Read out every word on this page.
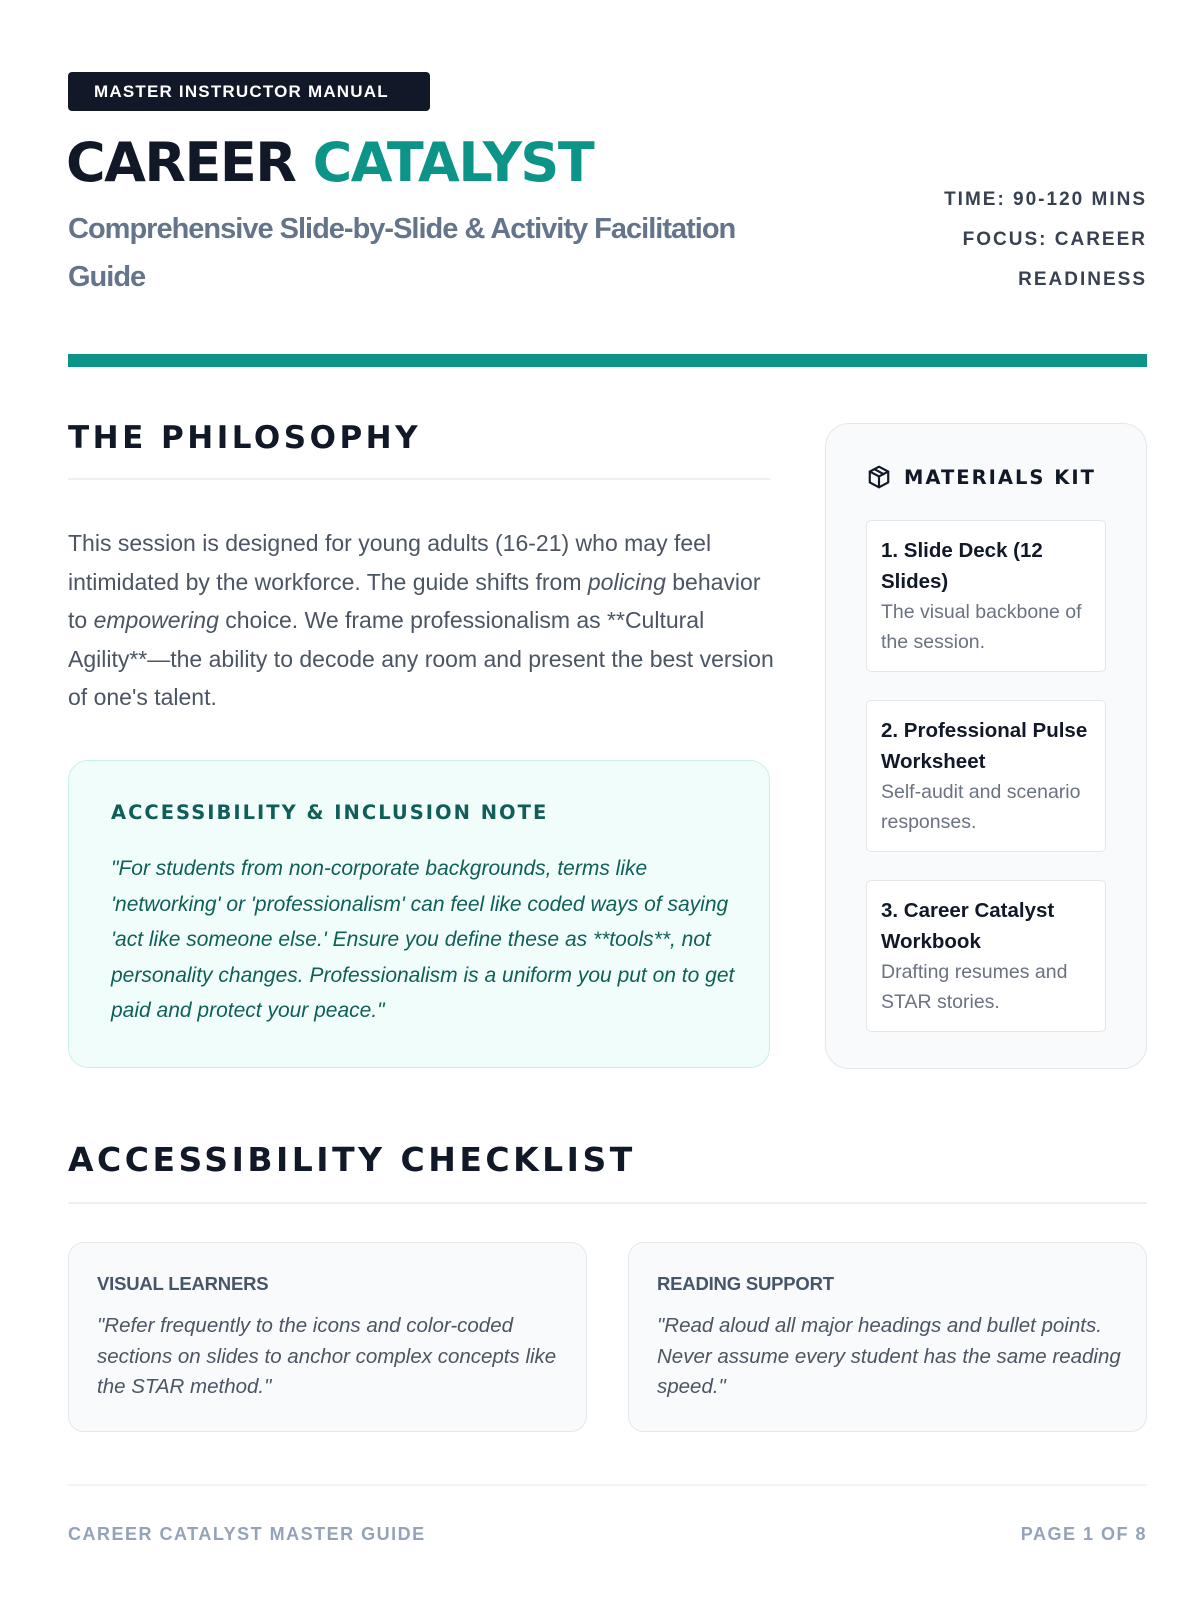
MASTER INSTRUCTOR MANUAL
CAREER CATALYST
Comprehensive Slide-by-Slide & Activity Facilitation Guide
TIME: 90-120 MINS
FOCUS: CAREER
READINESS
THE PHILOSOPHY

This session is designed for young adults (16-21) who may feel intimidated by the workforce. The guide shifts from policing behavior to empowering choice. We frame professionalism as **Cultural Agility**—the ability to decode any room and present the best version of one's talent.

ACCESSIBILITY & INCLUSION NOTE

"For students from non-corporate backgrounds, terms like 'networking' or 'professionalism' can feel like coded ways of saying 'act like someone else.' Ensure you define these as **tools**, not personality changes. Professionalism is a uniform you put on to get paid and protect your peace."

MATERIALS KIT
1. Slide Deck (12 Slides)
The visual backbone of the session.
2. Professional Pulse Worksheet
Self-audit and scenario responses.
3. Career Catalyst Workbook
Drafting resumes and STAR stories.
ACCESSIBILITY CHECKLIST
VISUAL LEARNERS

"Refer frequently to the icons and color-coded sections on slides to anchor complex concepts like the STAR method."

READING SUPPORT

"Read aloud all major headings and bullet points. Never assume every student has the same reading speed."

CAREER CATALYST MASTER GUIDE	PAGE 1 OF 8
